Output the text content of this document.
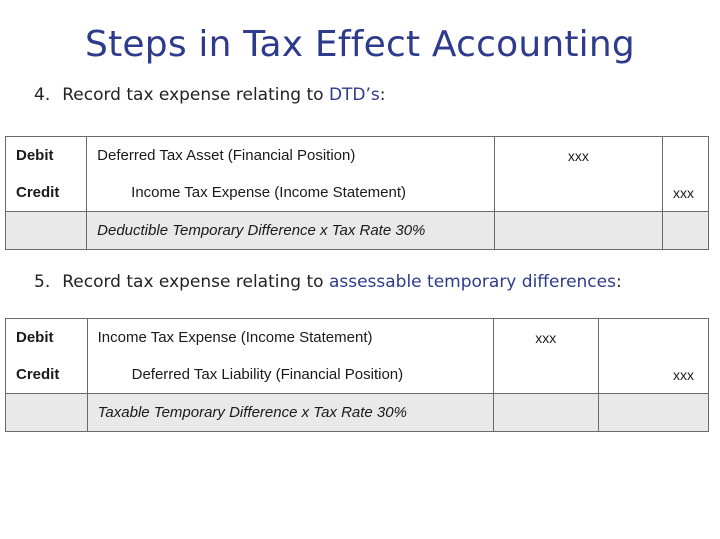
Steps in Tax Effect Accounting
4. Record tax expense relating to DTD’s:
Debit	Deferred Tax Asset (Financial Position)	xxx	
Credit	Income Tax Expense (Income Statement)		xxx
	Deductible Temporary Difference x Tax Rate 30%		
5. Record tax expense relating to assessable temporary differences:
Debit	Income Tax Expense (Income Statement)	xxx	
Credit	Deferred Tax Liability (Financial Position)		xxx
	Taxable Temporary Difference x Tax Rate 30%		
